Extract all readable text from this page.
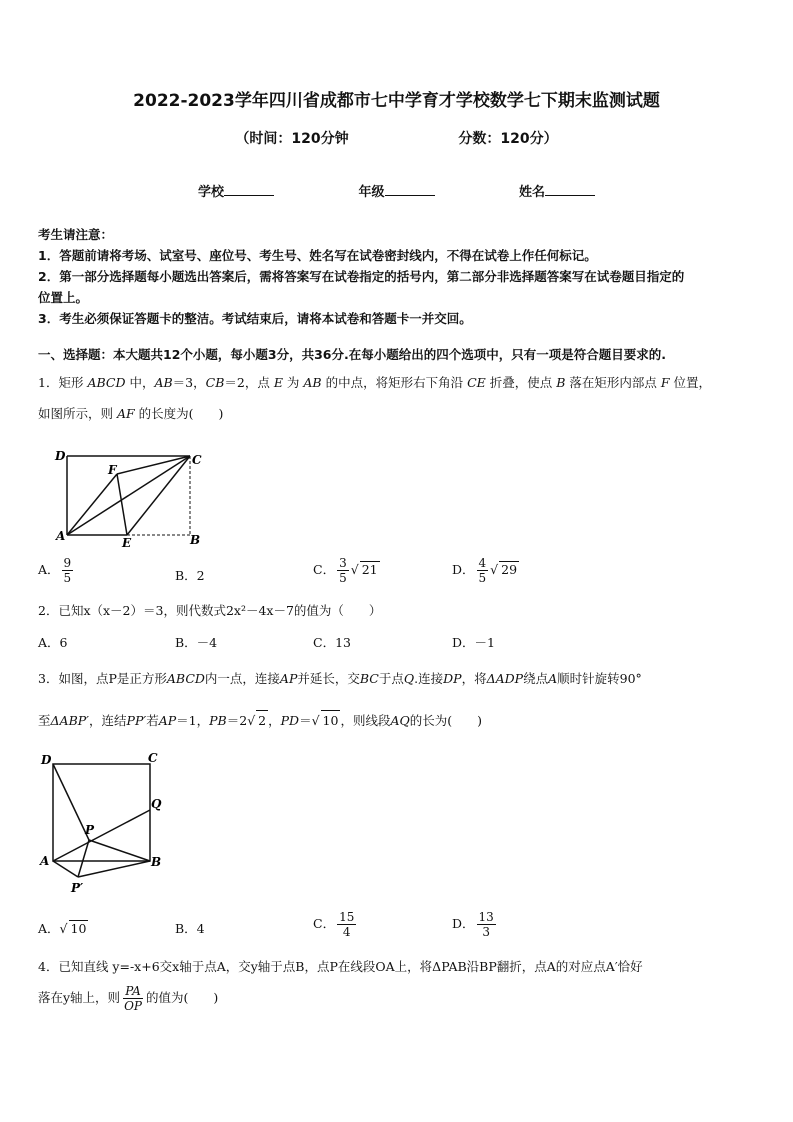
2022-2023学年四川省成都市七中学育才学校数学七下期末监测试题
（时间：120分钟	分数：120分）
学校	年级	姓名
考生请注意：
1．答题前请将考场、试室号、座位号、考生号、姓名写在试卷密封线内，不得在试卷上作任何标记。
2．第一部分选择题每小题选出答案后，需将答案写在试卷指定的括号内，第二部分非选择题答案写在试卷题目指定的
位置上。
3．考生必须保证答题卡的整洁。考试结束后，请将本试卷和答题卡一并交回。
一、选择题：本大题共12个小题，每小题3分，共36分.在每小题给出的四个选项中，只有一项是符合题目要求的.
1．矩形 ABCD 中，AB＝3，CB＝2，点 E 为 AB 的中点，将矩形右下角沿 CE 折叠，使点 B 落在矩形内部点 F 位置，
如图所示，则 AF 的长度为(　　)
D	C
F
A	E	B
A． $\frac{9}{5}$	B．2	C． $\frac{3}{5}$ √ 21	D． $\frac{4}{5}$ √ 29
2．已知x（x－2）＝3，则代数式2x²－4x－7的值为（　　）
A．6	B．－4	C．13	D．－1
3．如图，点P是正方形ABCD内一点，连接AP并延长，交BC于点Q.连接DP，将ΔADP绕点A顺时针旋转90°
至ΔABP′，连结PP′若AP＝1，PB＝2√ 2 ，PD＝√ 10 ，则线段AQ的长为(　　)
D	C
Q
P
A	B
P′
A．√ 10	B．4	C． $\frac{15}{4}$	D． $\frac{13}{3}$
4．已知直线 y=-x+6交x轴于点A，交y轴于点B，点P在线段OA上，将ΔPAB沿BP翻折，点A的对应点A′恰好
落在y轴上，则 $\frac{PA}{OP}$ 的值为(　　)
